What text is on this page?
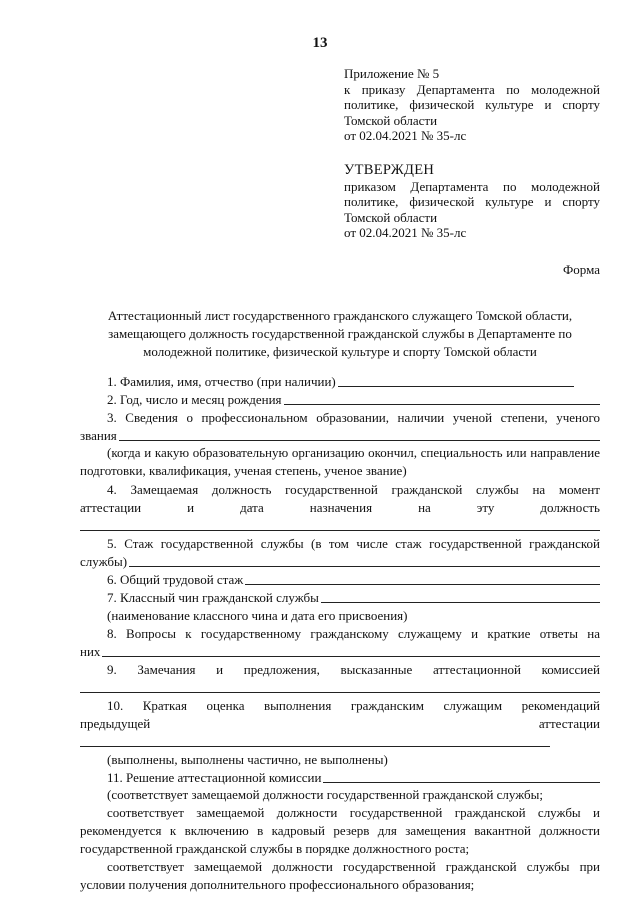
13
Приложение № 5
к приказу Департамента по молодежной
политике, физической культуре и спорту
Томской области
от 02.04.2021 № 35-лс
УТВЕРЖДЕН
приказом Департамента по молодежной
политике, физической культуре и спорту
Томской области
от 02.04.2021 № 35-лс
Форма
Аттестационный лист государственного гражданского служащего Томской области,
замещающего должность государственной гражданской службы в Департаменте по
молодежной политике, физической культуре и спорту Томской области
1. Фамилия, имя, отчество (при наличии)
2. Год, число и месяц рождения
3. Сведения о профессиональном образовании, наличии ученой степени, ученого
звания
(когда и какую образовательную организацию окончил, специальность или направление подготовки, квалификация, ученая степень, ученое звание)
4. Замещаемая должность государственной гражданской службы на момент
аттестации	и	дата	назначения	на	эту	должность
5. Стаж государственной службы (в том числе стаж государственной гражданской
службы)
6. Общий трудовой стаж
7. Классный чин гражданской службы
(наименование классного чина и дата его присвоения)
8. Вопросы к государственному гражданскому служащему и краткие ответы на
них
9. Замечания и предложения, высказанные аттестационной комиссией
10. Краткая оценка выполнения гражданским служащим рекомендаций
предыдущей	аттестации
(выполнены, выполнены частично, не выполнены)
11. Решение аттестационной комиссии
(соответствует замещаемой должности государственной гражданской службы;
соответствует замещаемой должности государственной гражданской службы и рекомендуется к включению в кадровый резерв для замещения вакантной должности государственной гражданской службы в порядке должностного роста;
соответствует замещаемой должности государственной гражданской службы при условии получения дополнительного профессионального образования;
